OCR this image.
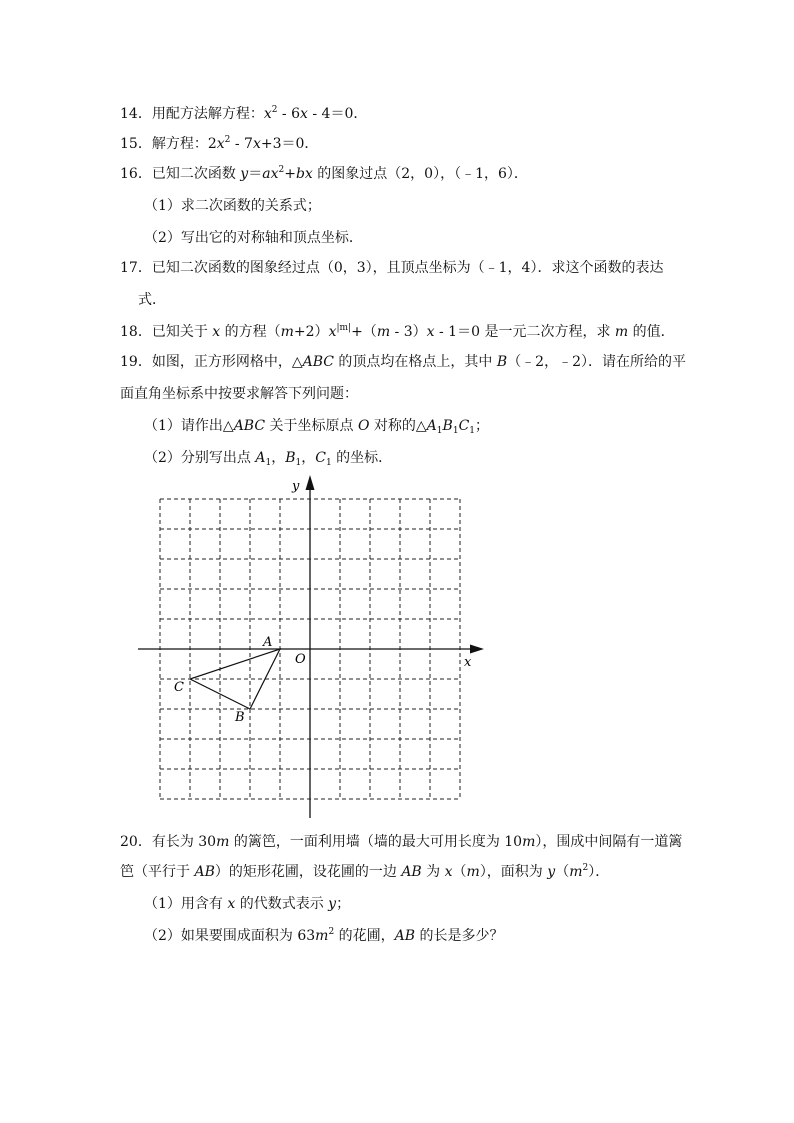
14．用配方法解方程：$x^2 - 6x - 4=0$．
15．解方程：$2x^2 - 7x+3=0$．
16．已知二次函数 $y=ax^2+bx$ 的图象过点（2，0），（﹣1，6）．
（1）求二次函数的关系式；
（2）写出它的对称轴和顶点坐标．
17．已知二次函数的图象经过点（0，3），且顶点坐标为（﹣1，4）．求这个函数的表达
式．
18．已知关于 x 的方程$(m+2)x^{|m|}+(m - 3)x - 1=0$ 是一元二次方程，求 m 的值．
19．如图，正方形网格中，△ABC 的顶点均在格点上，其中 B（﹣2，﹣2）．请在所给的平
面直角坐标系中按要求解答下列问题：
（1）请作出△ABC 关于坐标原点 O 对称的$\triangle A_1B_1C_1$；
（2）分别写出点 $A_1$，$B_1$，$C_1$ 的坐标．
x
y
O
A
B
C
20．有长为 30m 的篱笆，一面利用墙（墙的最大可用长度为 10m），围成中间隔有一道篱
笆（平行于 AB）的矩形花圃，设花圃的一边 AB 为 x（m），面积为 $y(m^2)$．
（1）用含有 x 的代数式表示 y；
（2）如果要围成面积为 $63m^2$ 的花圃，AB 的长是多少？
